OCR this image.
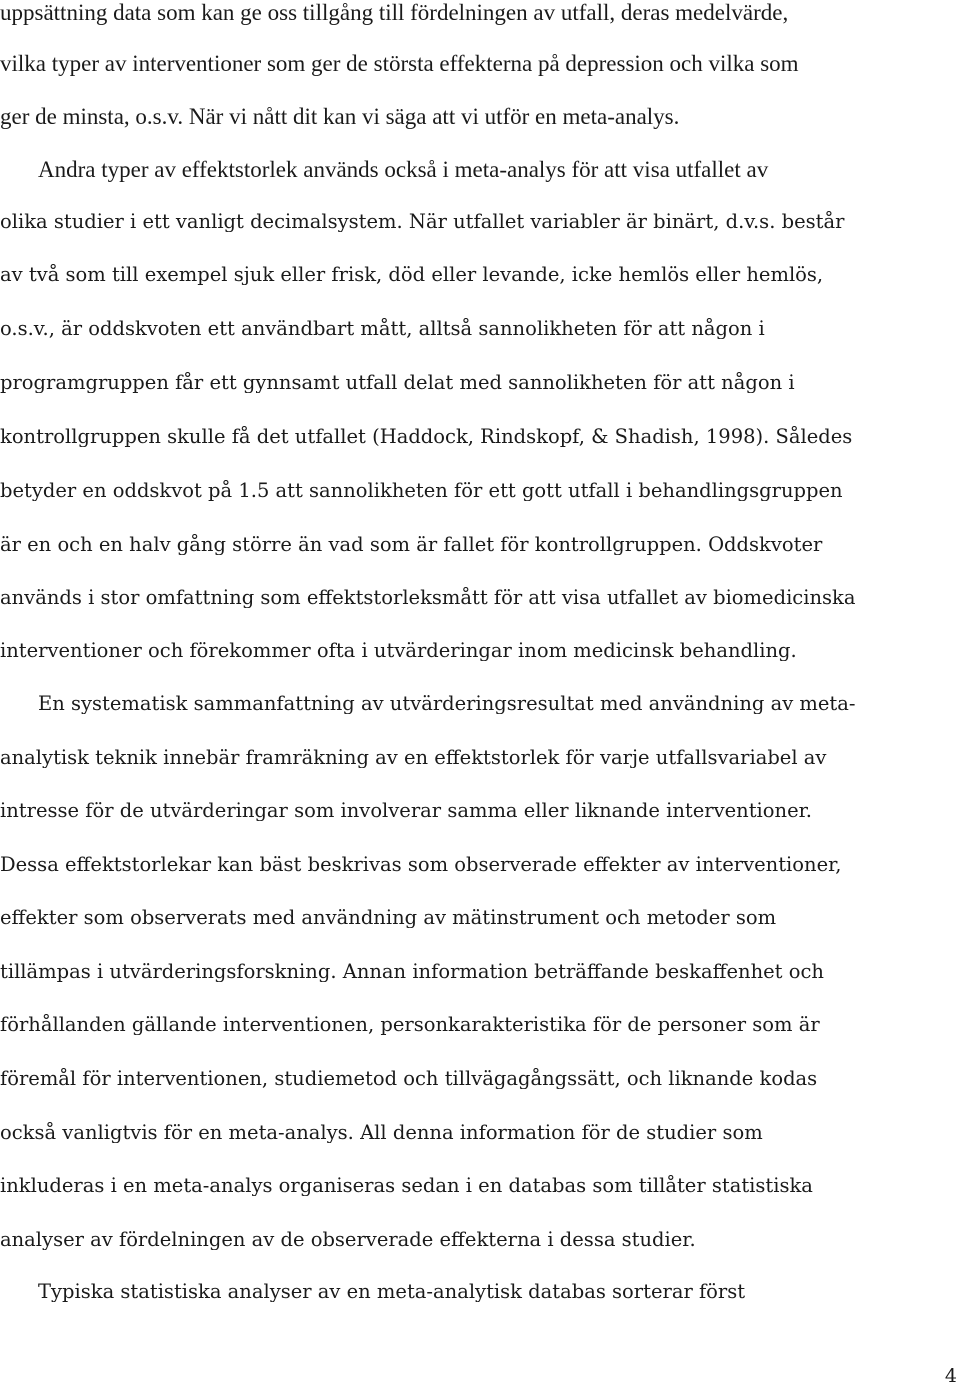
uppsättning data som kan ge oss tillgång till fördelningen av utfall, deras medelvärde,
vilka typer av interventioner som ger de största effekterna på depression och vilka som
ger de minsta, o.s.v. När vi nått dit kan vi säga att vi utför en meta-analys.
Andra typer av effektstorlek används också i meta-analys för att visa utfallet av
olika studier i ett vanligt decimalsystem. När utfallet variabler är binärt, d.v.s. består
av två som till exempel sjuk eller frisk, död eller levande, icke hemlös eller hemlös,
o.s.v., är oddskvoten ett användbart mått, alltså sannolikheten för att någon i
programgruppen får ett gynnsamt utfall delat med sannolikheten för att någon i
kontrollgruppen skulle få det utfallet (Haddock, Rindskopf, & Shadish, 1998). Således
betyder en oddskvot på 1.5 att sannolikheten för ett gott utfall i behandlingsgruppen
är en och en halv gång större än vad som är fallet för kontrollgruppen. Oddskvoter
används i stor omfattning som effektstorleksmått för att visa utfallet av biomedicinska
interventioner och förekommer ofta i utvärderingar inom medicinsk behandling.
En systematisk sammanfattning av utvärderingsresultat med användning av meta-
analytisk teknik innebär framräkning av en effektstorlek för varje utfallsvariabel av
intresse för de utvärderingar som involverar samma eller liknande interventioner.
Dessa effektstorlekar kan bäst beskrivas som observerade effekter av interventioner,
effekter som observerats med användning av mätinstrument och metoder som
tillämpas i utvärderingsforskning. Annan information beträffande beskaffenhet och
förhållanden gällande interventionen, personkarakteristika för de personer som är
föremål för interventionen, studiemetod och tillvägagångssätt, och liknande kodas
också vanligtvis för en meta-analys. All denna information för de studier som
inkluderas i en meta-analys organiseras sedan i en databas som tillåter statistiska
analyser av fördelningen av de observerade effekterna i dessa studier.
Typiska statistiska analyser av en meta-analytisk databas sorterar först
4
